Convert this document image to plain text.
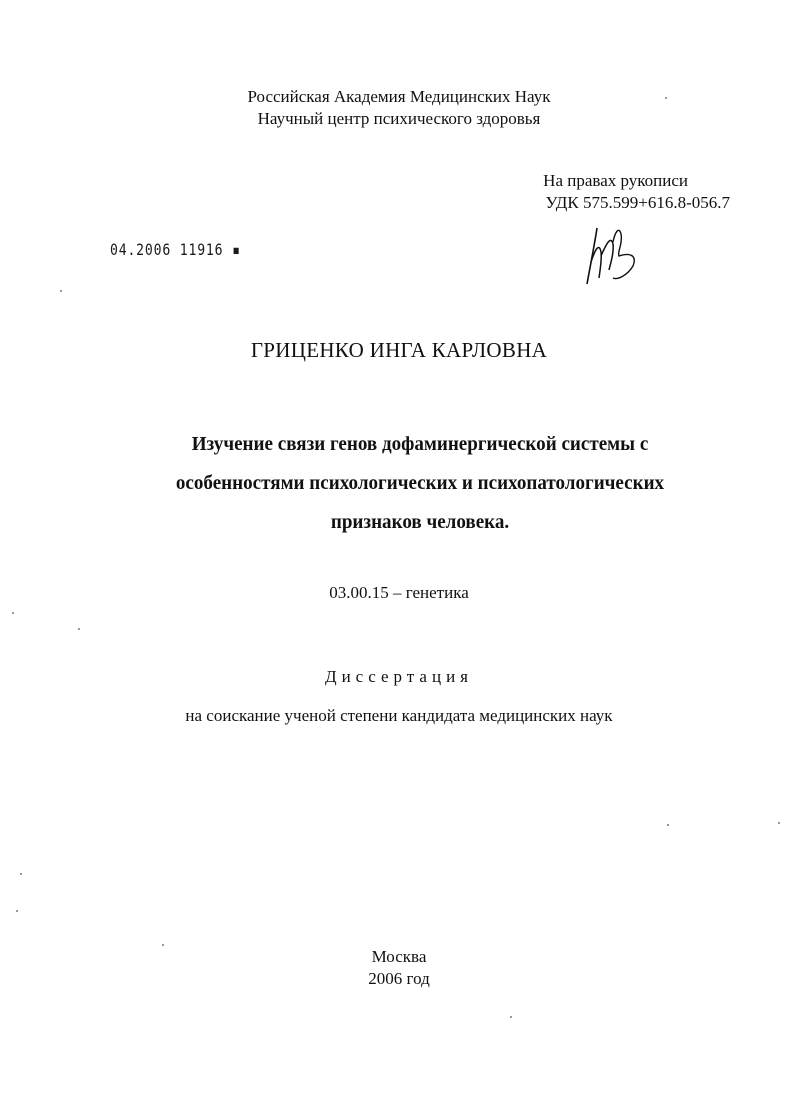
Российская Академия Медицинских Наук
Научный центр психического здоровья
На правах рукописи
УДК 575.599+616.8-056.7
04.2006 11916 ▪
ГРИЦЕНКО ИНГА КАРЛОВНА
Изучение связи генов дофаминергической системы с
особенностями психологических и психопатологических
признаков человека.
03.00.15 – генетика
Диссертация
на соискание ученой степени кандидата медицинских наук
Москва
2006 год
